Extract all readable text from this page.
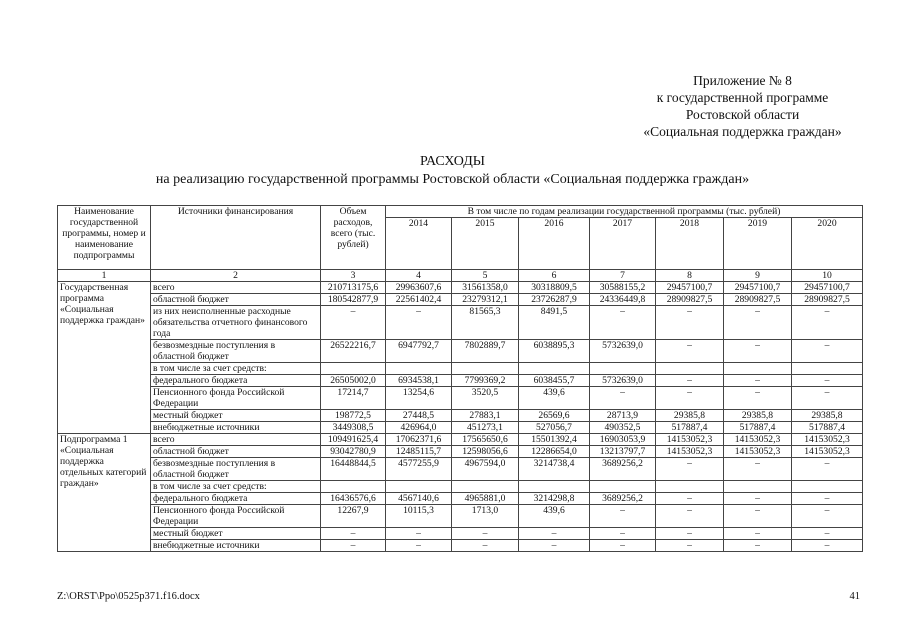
Приложение № 8
к государственной программе
Ростовской области
«Социальная поддержка граждан»
РАСХОДЫ
на реализацию государственной программы Ростовской области «Социальная поддержка граждан»
Наименование государственной программы, номер и наименование подпрограммы	Источники финансирования	Объем расходов, всего (тыс. рублей)	В том числе по годам реализации государственной программы (тыс. рублей)						
			2014	2015	2016	2017	2018	2019	2020
1	2	3	4	5	6	7	8	9	10
Государственная программа «Социальная поддержка граждан»	всего	210713175,6	29963607,6	31561358,0	30318809,5	30588155,2	29457100,7	29457100,7	29457100,7
	областной бюджет	180542877,9	22561402,4	23279312,1	23726287,9	24336449,8	28909827,5	28909827,5	28909827,5
	из них неисполненные расходные обязательства отчетного финансового года	–	–	81565,3	8491,5	–	–	–	–
	безвозмездные поступления в областной бюджет	26522216,7	6947792,7	7802889,7	6038895,3	5732639,0	–	–	–
	в том числе за счет средств:								
	федерального бюджета	26505002,0	6934538,1	7799369,2	6038455,7	5732639,0	–	–	–
	Пенсионного фонда Российской Федерации	17214,7	13254,6	3520,5	439,6	–	–	–	–
	местный бюджет	198772,5	27448,5	27883,1	26569,6	28713,9	29385,8	29385,8	29385,8
	внебюджетные источники	3449308,5	426964,0	451273,1	527056,7	490352,5	517887,4	517887,4	517887,4
Подпрограмма 1 «Социальная поддержка отдельных категорий граждан»	всего	109491625,4	17062371,6	17565650,6	15501392,4	16903053,9	14153052,3	14153052,3	14153052,3
	областной бюджет	93042780,9	12485115,7	12598056,6	12286654,0	13213797,7	14153052,3	14153052,3	14153052,3
	безвозмездные поступления в областной бюджет	16448844,5	4577255,9	4967594,0	3214738,4	3689256,2	–	–	–
	в том числе за счет средств:								
	федерального бюджета	16436576,6	4567140,6	4965881,0	3214298,8	3689256,2	–	–	–
	Пенсионного фонда Российской Федерации	12267,9	10115,3	1713,0	439,6	–	–	–	–
	местный бюджет	–	–	–	–	–	–	–	–
	внебюджетные источники	–	–	–	–	–	–	–	–
Z:\ORST\Ppo\0525p371.f16.docx	41
